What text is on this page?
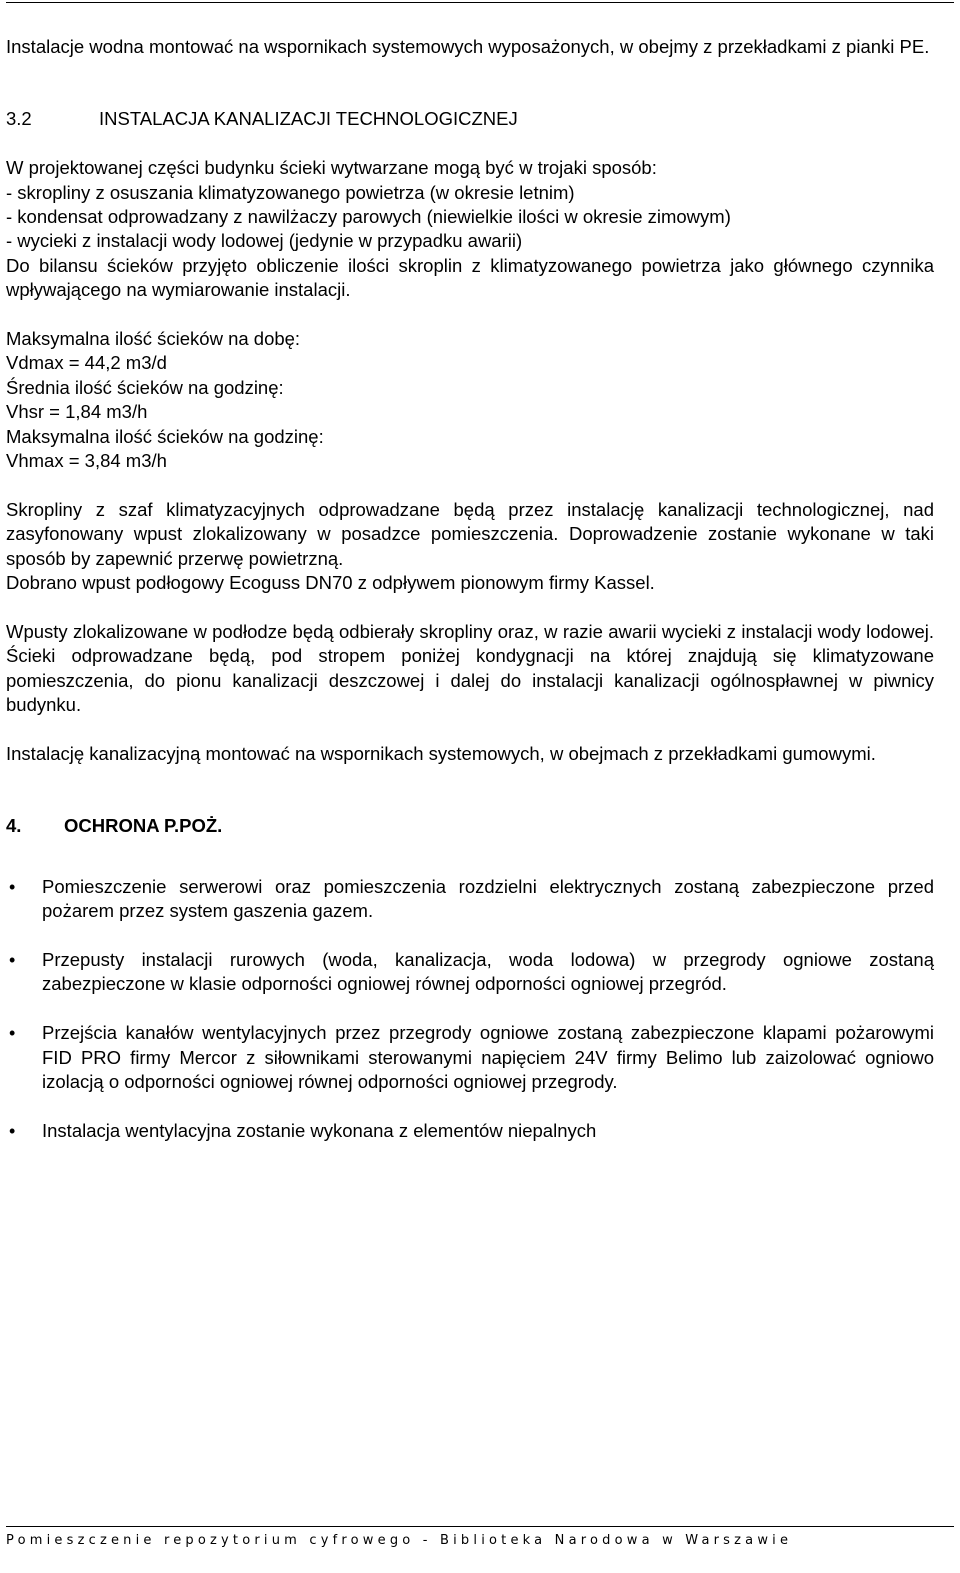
Instalacje wodna montować na wspornikach systemowych wyposażonych, w obejmy z przekładkami z pianki PE.

3.2	INSTALACJA KANALIZACJI TECHNOLOGICZNEJ
W projektowanej części budynku ścieki wytwarzane mogą być w trojaki sposób:
- skropliny z osuszania klimatyzowanego powietrza (w okresie letnim)
- kondensat odprowadzany z nawilżaczy parowych (niewielkie ilości w okresie zimowym)
- wycieki z instalacji wody lodowej (jedynie w przypadku awarii)

Do bilansu ścieków przyjęto obliczenie ilości skroplin z klimatyzowanego powietrza jako głównego czynnika wpływającego na wymiarowanie instalacji.

Maksymalna ilość ścieków na dobę:
Vdmax = 44,2 m3/d
Średnia ilość ścieków na godzinę:
Vhsr = 1,84 m3/h
Maksymalna ilość ścieków na godzinę:
Vhmax = 3,84 m3/h

Skropliny z szaf klimatyzacyjnych odprowadzane będą przez instalację kanalizacji technologicznej, nad zasyfonowany wpust zlokalizowany w posadzce pomieszczenia. Doprowadzenie zostanie wykonane w taki sposób by zapewnić przerwę powietrzną.

Dobrano wpust podłogowy Ecoguss DN70 z odpływem pionowym firmy Kassel.

Wpusty zlokalizowane w podłodze będą odbierały skropliny oraz, w razie awarii wycieki z instalacji wody lodowej. Ścieki odprowadzane będą, pod stropem poniżej kondygnacji na której znajdują się klimatyzowane pomieszczenia, do pionu kanalizacji deszczowej i dalej do instalacji kanalizacji ogólnospławnej w piwnicy budynku.

Instalację kanalizacyjną montować na wspornikach systemowych, w obejmach z przekładkami gumowymi.

4. OCHRONA P.POŻ.
• Pomieszczenie serwerowi oraz pomieszczenia rozdzielni elektrycznych zostaną zabezpieczone przed pożarem przez system gaszenia gazem.
• Przepusty instalacji rurowych (woda, kanalizacja, woda lodowa) w przegrody ogniowe zostaną zabezpieczone w klasie odporności ogniowej równej odporności ogniowej przegród.
• Przejścia kanałów wentylacyjnych przez przegrody ogniowe zostaną zabezpieczone klapami pożarowymi FID PRO firmy Mercor z siłownikami sterowanymi napięciem 24V firmy Belimo lub zaizolować ogniowo izolacją o odporności ogniowej równej odporności ogniowej przegrody.
• Instalacja wentylacyjna zostanie wykonana z elementów niepalnych
Pomieszczenie repozytorium cyfrowego - Biblioteka Narodowa w Warszawie
